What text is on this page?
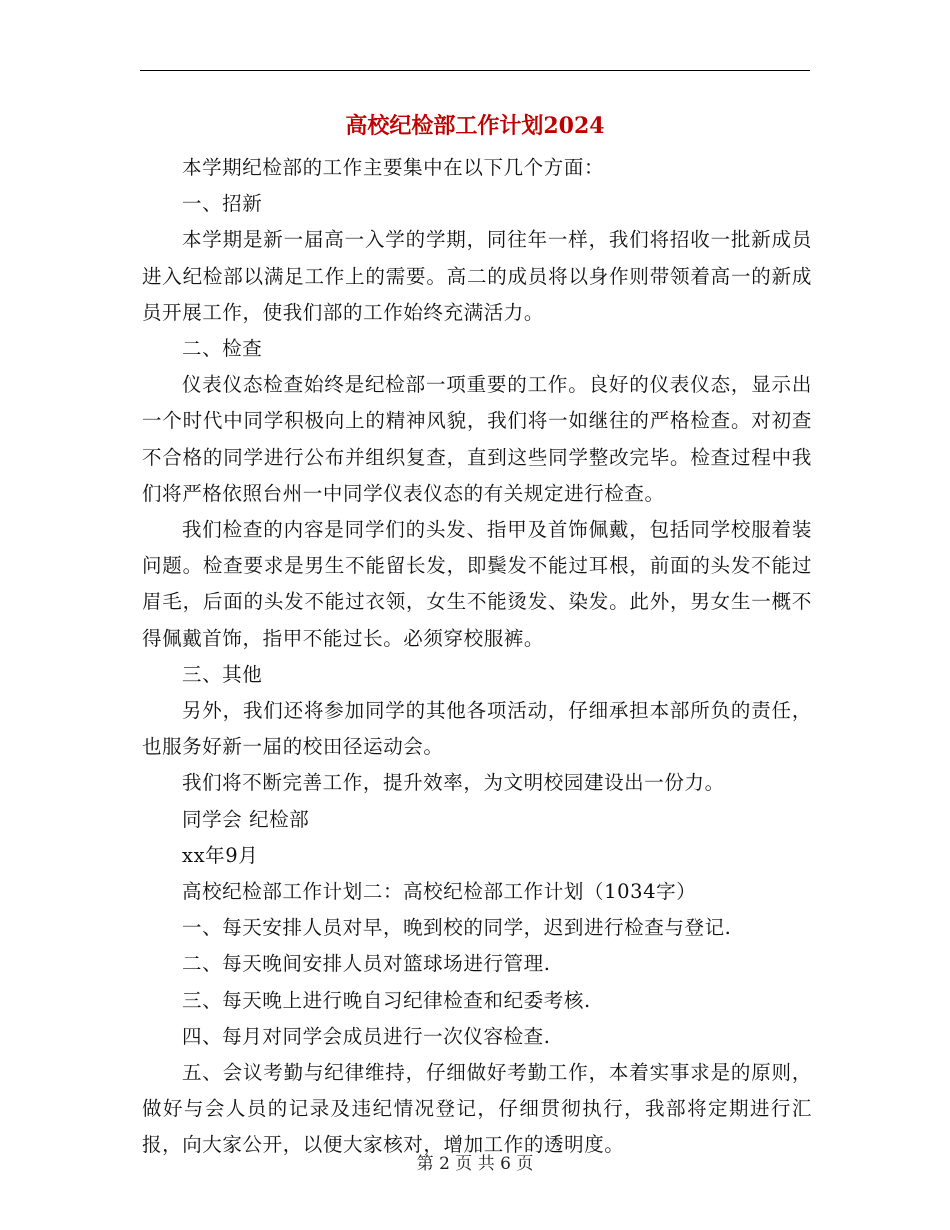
高校纪检部工作计划2024

本学期纪检部的工作主要集中在以下几个方面：

一、招新

本学期是新一届高一入学的学期，同往年一样，我们将招收一批新成员进入纪检部以满足工作上的需要。高二的成员将以身作则带领着高一的新成员开展工作，使我们部的工作始终充满活力。

二、检查

仪表仪态检查始终是纪检部一项重要的工作。良好的仪表仪态，显示出一个时代中同学积极向上的精神风貌，我们将一如继往的严格检查。对初查不合格的同学进行公布并组织复查，直到这些同学整改完毕。检查过程中我们将严格依照台州一中同学仪表仪态的有关规定进行检查。

我们检查的内容是同学们的头发、指甲及首饰佩戴，包括同学校服着装问题。检查要求是男生不能留长发，即鬓发不能过耳根，前面的头发不能过眉毛，后面的头发不能过衣领，女生不能烫发、染发。此外，男女生一概不得佩戴首饰，指甲不能过长。必须穿校服裤。

三、其他

另外，我们还将参加同学的其他各项活动，仔细承担本部所负的责任，也服务好新一届的校田径运动会。

我们将不断完善工作，提升效率，为文明校园建设出一份力。

同学会 纪检部

xx年9月

高校纪检部工作计划二：高校纪检部工作计划（1034字）

一、每天安排人员对早，晚到校的同学，迟到进行检查与登记.

二、每天晚间安排人员对篮球场进行管理.

三、每天晚上进行晚自习纪律检查和纪委考核.

四、每月对同学会成员进行一次仪容检查.

五、会议考勤与纪律维持，仔细做好考勤工作，本着实事求是的原则，做好与会人员的记录及违纪情况登记，仔细贯彻执行，我部将定期进行汇报，向大家公开，以便大家核对，增加工作的透明度。

第 2 页 共 6 页
